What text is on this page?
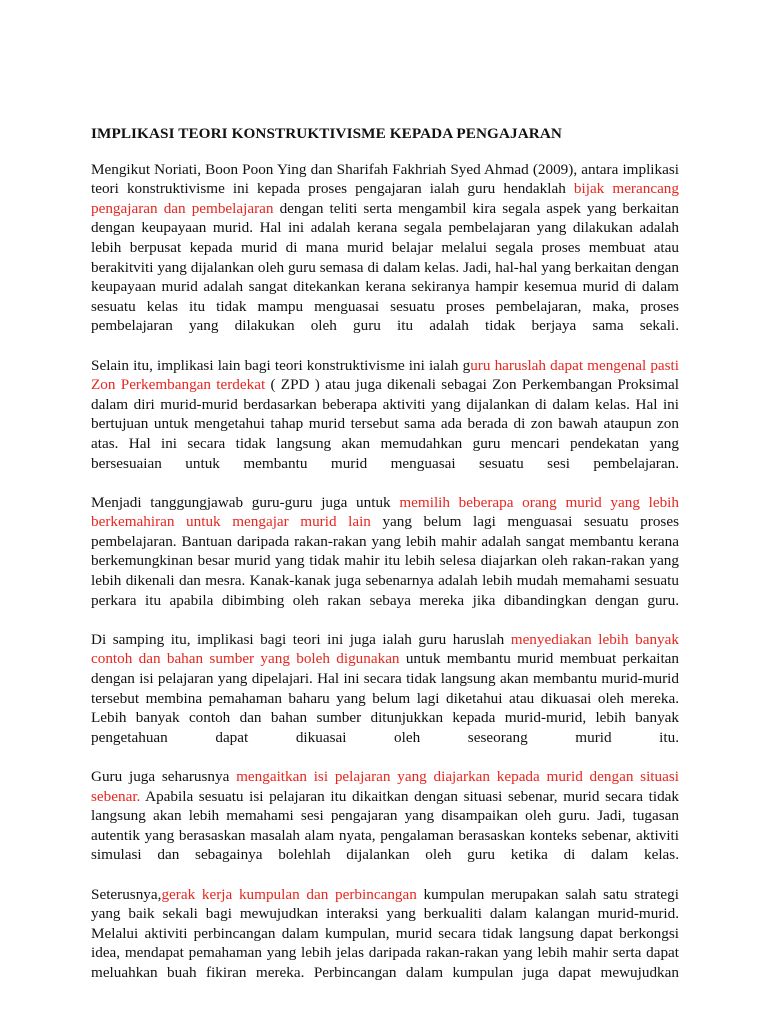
IMPLIKASI TEORI KONSTRUKTIVISME KEPADA PENGAJARAN

Mengikut Noriati, Boon Poon Ying dan Sharifah Fakhriah Syed Ahmad (2009), antara implikasi teori konstruktivisme ini kepada proses pengajaran ialah guru hendaklah bijak merancang pengajaran dan pembelajaran dengan teliti serta mengambil kira segala aspek yang berkaitan dengan keupayaan murid. Hal ini adalah kerana segala pembelajaran yang dilakukan adalah lebih berpusat kepada murid di mana murid belajar melalui segala proses membuat atau berakitviti yang dijalankan oleh guru semasa di dalam kelas. Jadi, hal-hal yang berkaitan dengan keupayaan murid adalah sangat ditekankan kerana sekiranya hampir kesemua murid di dalam sesuatu kelas itu tidak mampu menguasai sesuatu proses pembelajaran, maka, proses pembelajaran yang dilakukan oleh guru itu adalah tidak berjaya sama sekali.

Selain itu, implikasi lain bagi teori konstruktivisme ini ialah guru haruslah dapat mengenal pasti Zon Perkembangan terdekat ( ZPD ) atau juga dikenali sebagai Zon Perkembangan Proksimal dalam diri murid-murid berdasarkan beberapa aktiviti yang dijalankan di dalam kelas. Hal ini bertujuan untuk mengetahui tahap murid tersebut sama ada berada di zon bawah ataupun zon atas. Hal ini secara tidak langsung akan memudahkan guru mencari pendekatan yang bersesuaian untuk membantu murid menguasai sesuatu sesi pembelajaran.

Menjadi tanggungjawab guru-guru juga untuk memilih beberapa orang murid yang lebih berkemahiran untuk mengajar murid lain yang belum lagi menguasai sesuatu proses pembelajaran. Bantuan daripada rakan-rakan yang lebih mahir adalah sangat membantu kerana berkemungkinan besar murid yang tidak mahir itu lebih selesa diajarkan oleh rakan-rakan yang lebih dikenali dan mesra. Kanak-kanak juga sebenarnya adalah lebih mudah memahami sesuatu perkara itu apabila dibimbing oleh rakan sebaya mereka jika dibandingkan dengan guru.

Di samping itu, implikasi bagi teori ini juga ialah guru haruslah menyediakan lebih banyak contoh dan bahan sumber yang boleh digunakan untuk membantu murid membuat perkaitan dengan isi pelajaran yang dipelajari. Hal ini secara tidak langsung akan membantu murid-murid tersebut membina pemahaman baharu yang belum lagi diketahui atau dikuasai oleh mereka. Lebih banyak contoh dan bahan sumber ditunjukkan kepada murid-murid, lebih banyak pengetahuan dapat dikuasai oleh seseorang murid itu.

Guru juga seharusnya mengaitkan isi pelajaran yang diajarkan kepada murid dengan situasi sebenar. Apabila sesuatu isi pelajaran itu dikaitkan dengan situasi sebenar, murid secara tidak langsung akan lebih memahami sesi pengajaran yang disampaikan oleh guru. Jadi, tugasan autentik yang berasaskan masalah alam nyata, pengalaman berasaskan konteks sebenar, aktiviti simulasi dan sebagainya bolehlah dijalankan oleh guru ketika di dalam kelas.

Seterusnya,gerak kerja kumpulan dan perbincangan kumpulan merupakan salah satu strategi yang baik sekali bagi mewujudkan interaksi yang berkualiti dalam kalangan murid-murid. Melalui aktiviti perbincangan dalam kumpulan, murid secara tidak langsung dapat berkongsi idea, mendapat pemahaman yang lebih jelas daripada rakan-rakan yang lebih mahir serta dapat meluahkan buah fikiran mereka. Perbincangan dalam kumpulan juga dapat mewujudkan
